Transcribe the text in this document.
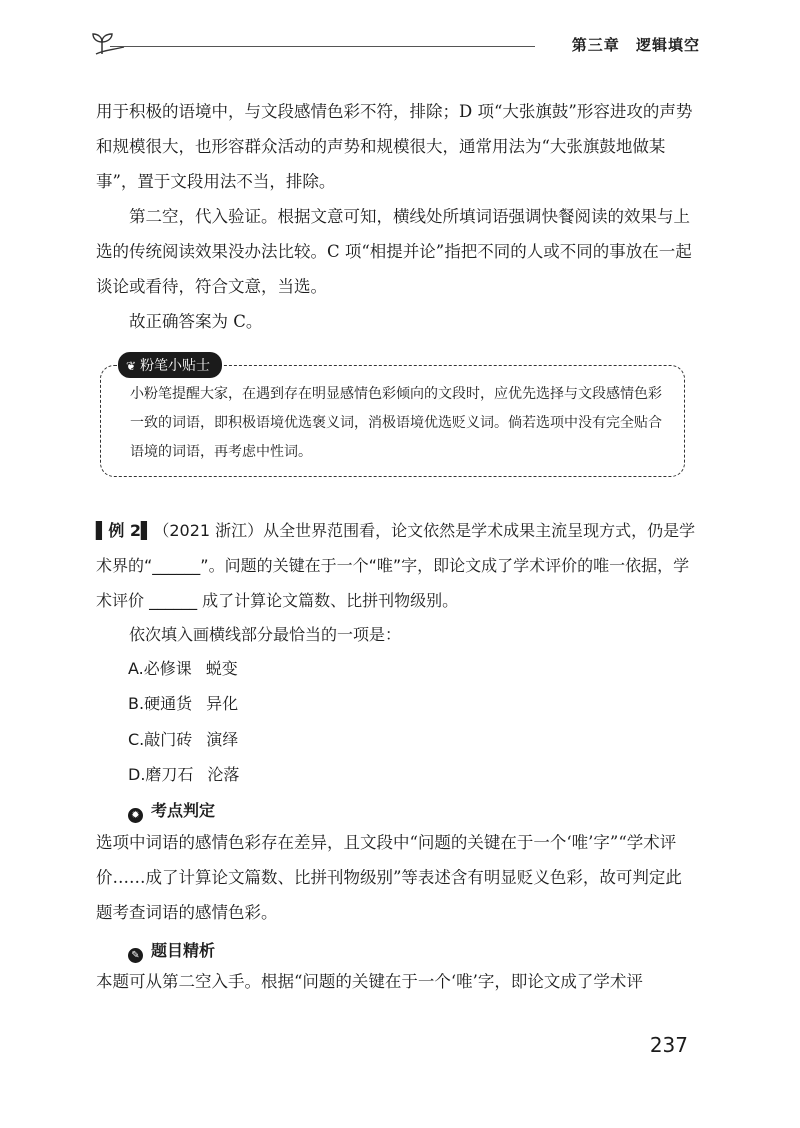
第三章 逻辑填空

用于积极的语境中，与文段感情色彩不符，排除；D 项“大张旗鼓”形容进攻的声势和规模很大，也形容群众活动的声势和规模很大，通常用法为“大张旗鼓地做某事”，置于文段用法不当，排除。

第二空，代入验证。根据文意可知，横线处所填词语强调快餐阅读的效果与上选的传统阅读效果没办法比较。C 项“相提并论”指把不同的人或不同的事放在一起谈论或看待，符合文意，当选。

故正确答案为 C。

❦ 粉笔小贴士

小粉笔提醒大家，在遇到存在明显感情色彩倾向的文段时，应优先选择与文段感情色彩一致的词语，即积极语境优选褒义词，消极语境优选贬义词。倘若选项中没有完全贴合语境的词语，再考虑中性词。

▌例 2▌（2021 浙江）从全世界范围看，论文依然是学术成果主流呈现方式，仍是学术界的“______”。问题的关键在于一个“唯”字，即论文成了学术评价的唯一依据，学术评价 ______ 成了计算论文篇数、比拼刊物级别。

依次填入画横线部分最恰当的一项是：

A.必修课 蜕变
B.硬通货 异化
C.敲门砖 演绎
D.磨刀石 沦落
✹ 考点判定

选项中词语的感情色彩存在差异，且文段中“问题的关键在于一个‘唯’字”“学术评价……成了计算论文篇数、比拼刊物级别”等表述含有明显贬义色彩，故可判定此题考查词语的感情色彩。

✎ 题目精析

本题可从第二空入手。根据“问题的关键在于一个‘唯’字，即论文成了学术评

237
